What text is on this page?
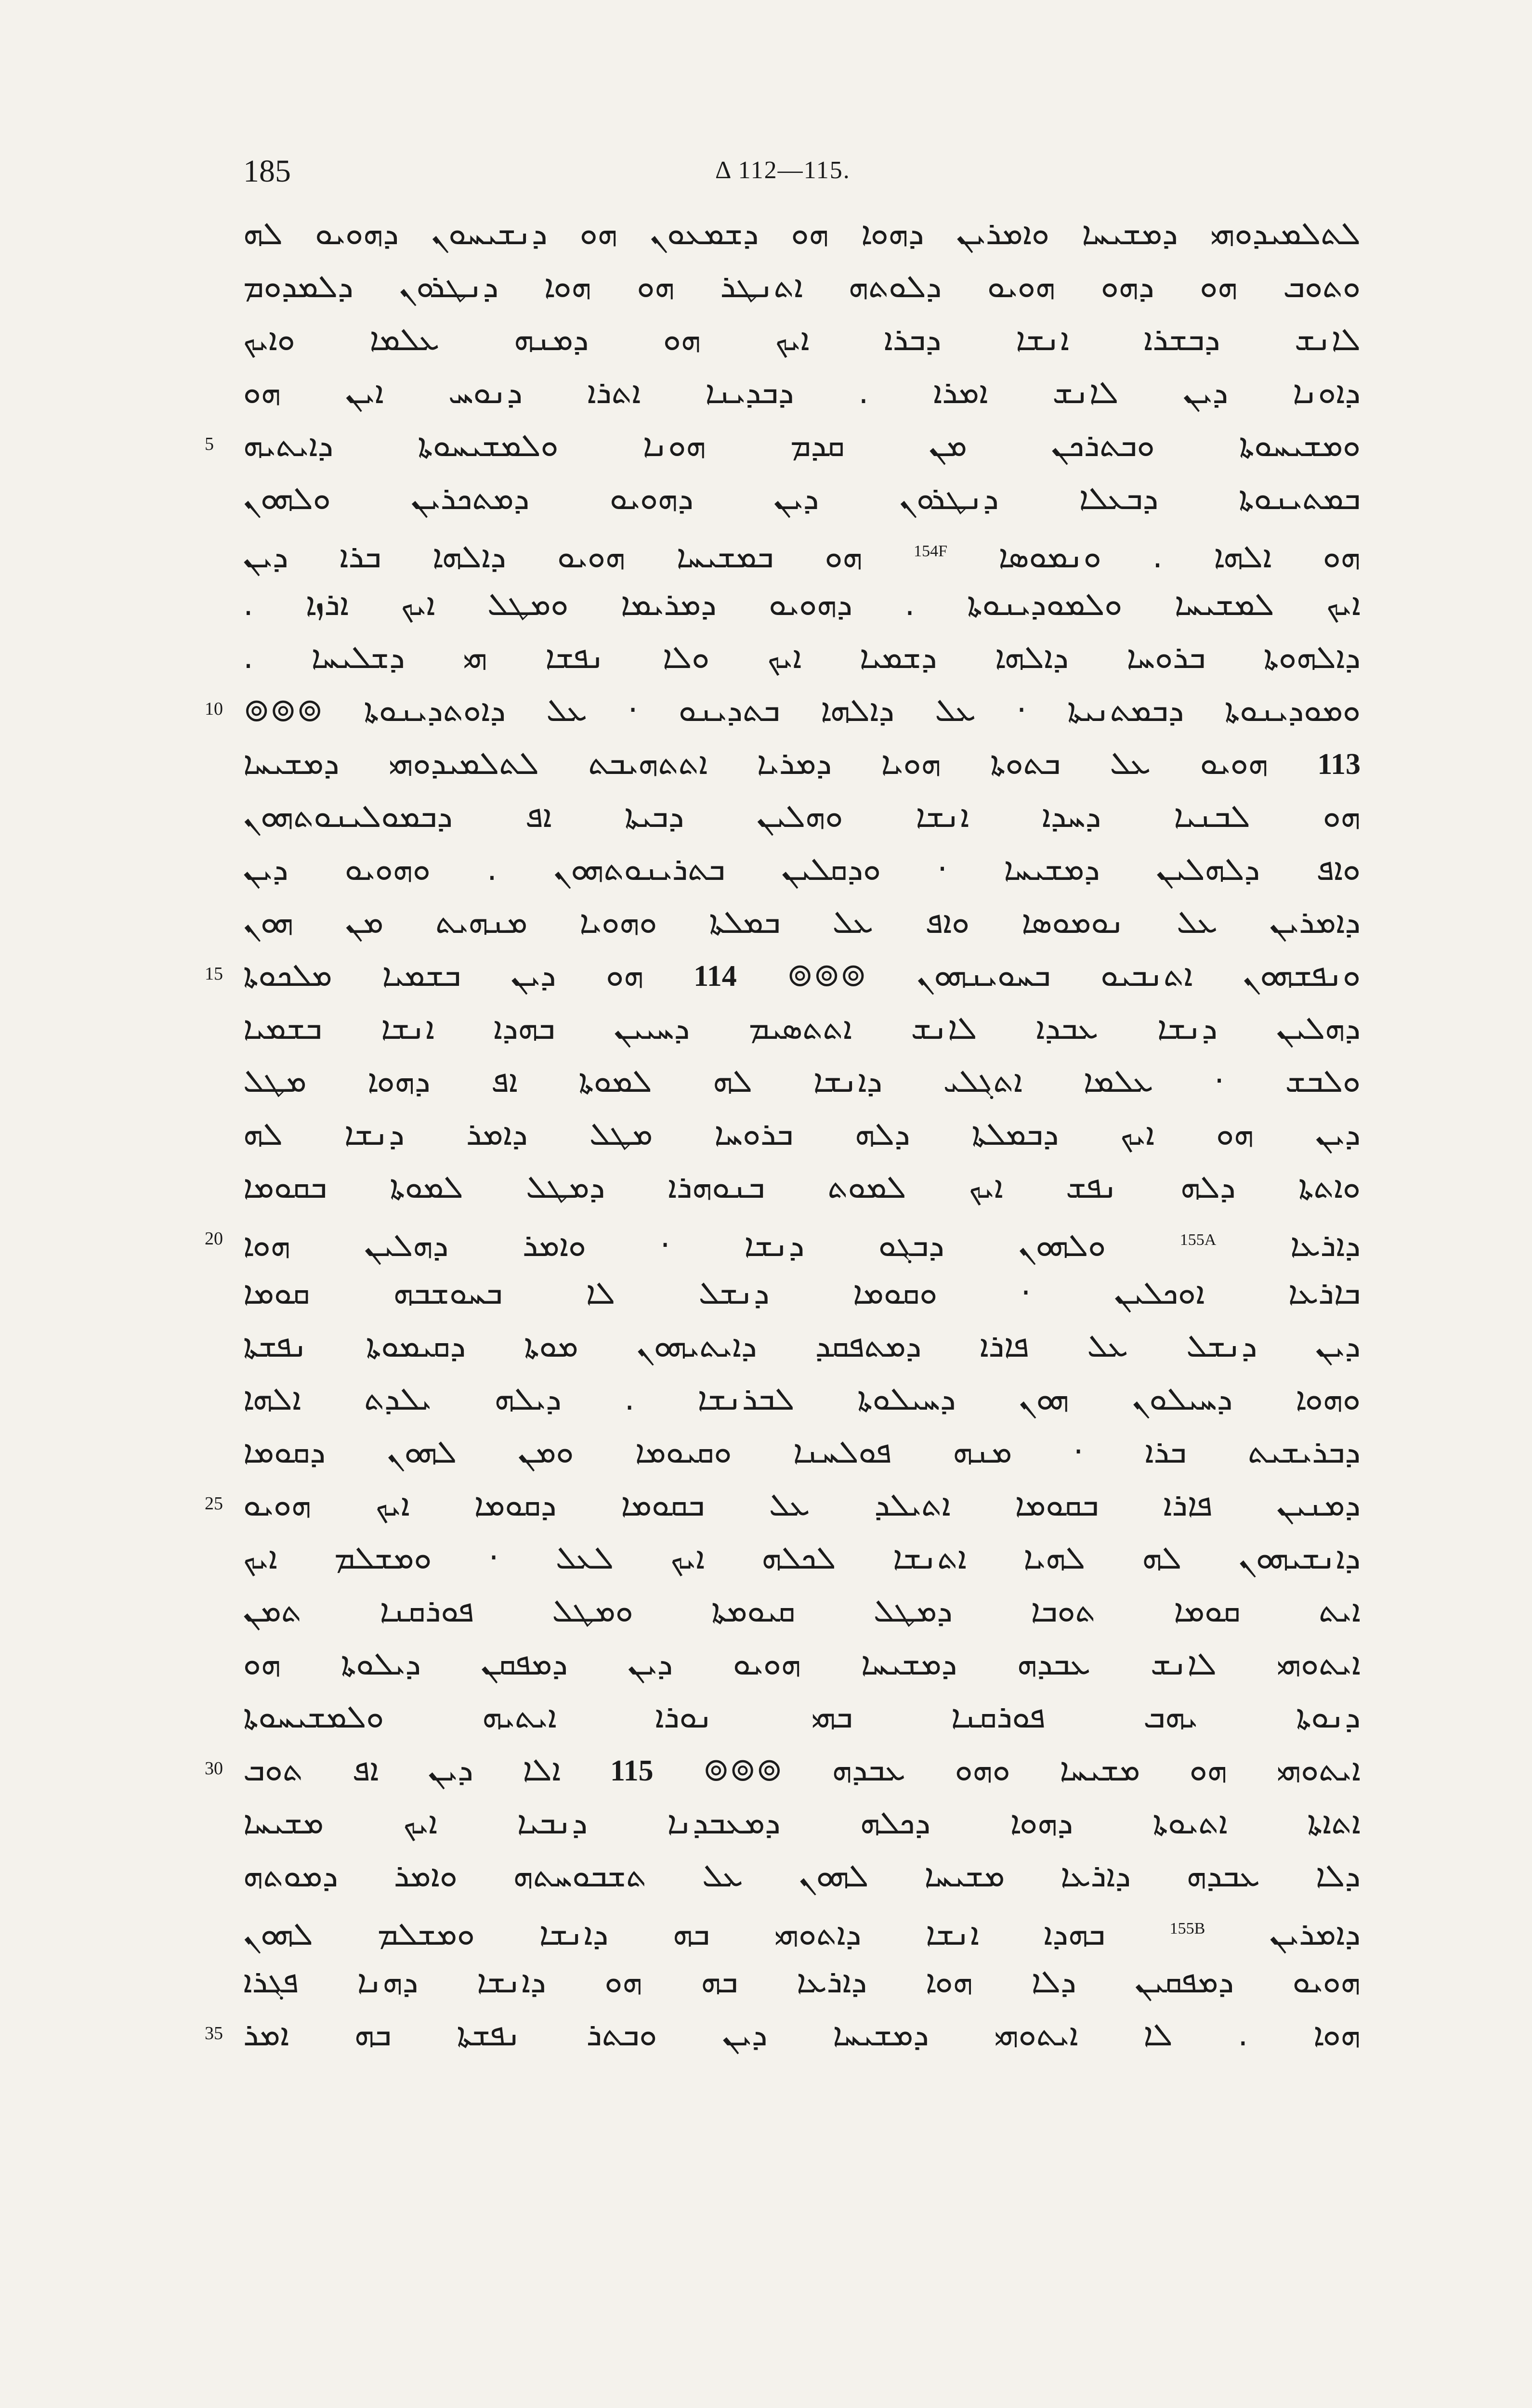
185	Δ 112—115.
ܠܬܠܡܝܕܘܗܝ ܕܡܫܝܚܐ ܘܐܡܪܝܢ ܕܗܘܐ ܗܘ ܕܫܡܥܘܢ ܗܘ ܕܢܫܝܚܘܢ ܕܗܘܝܘ ܠܗ
ܘܬܘܒ ܗܘ ܕܗܘ ܗܘܝܘ ܕܠܘܬܗ ܐܬܢܛܪ ܗܘ ܗܘܐ ܕܢܛܪܘܢ ܕܠܡܕܘܡ
ܠܐܢܫ ܕܒܫܪܐ ܐܢܫܐ ܕܒܪܐ ܐܝܟ ܗܘ ܕܡܢܗ ܥܠܡܐ ܘܐܝܟ
ܕܐܘܢܐ ܕܝܢ ܠܐܢܫ ܐܡܪܐ . ܕܒܕܝܢܐ ܐܬܪܐ ܕܢܘܚ ܐܝܢ ܗܘ
ܘܡܫܝܚܘܬܐ ܘܒܬܪܟܢ ܡܢ ܩܕܡ ܗܘܢܐ ܘܠܡܫܝܚܘܬܐ ܕܐܝܬܝܗ
5
ܒܡܬܝܢܘܬܐ ܕܒܥܠܐ ܕܢܛܪܘܢ ܕܝܢ ܕܗܘܝܘ ܕܡܬܟܪܝܢ ܘܠܗܘܢ
ܗܘ ܐܠܗܐ . ܘܢܡܘܣܐ $^{154F}$ ܗܘ ܒܡܫܝܚܐ ܗܘܝܘ ܕܐܠܗܐ ܒܪܐ ܕܝܢ
ܐܝܟ ܠܡܫܝܚܐ ܘܠܡܘܕܝܢܘܬܐ . ܕܗܘܝܘ ܕܡܪܝܡܐ ܘܡܛܠ ܐܝܟ ܐܪܙܐ .
ܕܐܠܗܘܬܐ ܒܪܘܚܐ ܕܐܠܗܐ ܕܫܡܝܐ ܐܝܟ ܘܠܐ ܢܦܫܐ ܗܝ ܕܫܠܝܚܐ .
ܘܡܘܕܝܢܘܬܐ ܕܒܡܬܢܝܬܐ · ܥܠ ܕܐܠܗܐ ܒܬܕܝܢܘ · ܥܠ ܕܐܘܬܕܝܢܘܬܐ ⊚⊚⊚
10
113 ܗܘܝܘ ܥܠ ܒܬܘܬܐ ܗܘܝܐ ܕܡܪܝܐ ܐܬܬܗܝܒܬ ܠܬܠܡܝܕܘܗܝ ܕܡܫܝܚܐ
ܗܘ ܠܒܢܝܐ ܕܚܕܐ ܐܢܫܐ ܘܗܠܝܢ ܕܒܝܬܐ ܐܦ ܕܒܡܘܠܝܢܘܬܗܘܢ
ܘܐܦ ܕܠܗܠܝܢ ܕܡܫܝܚܐ · ܘܕܩܠܝܢ ܒܬܪܝܢܘܬܗܘܢ . ܘܗܘܝܘ ܕܝܢ
ܕܐܡܪܝܢ ܥܠ ܢܘܡܘܣܐ ܘܐܦ ܥܠ ܒܡܠܬܐ ܘܗܘܝܐ ܡܢܗܝܬ ܡܢ ܗܘܢ
ܘܢܦܫܗܘܢ ܐܬܢܒܝܘ ܒܚܘܝܢܗܘܢ ⊚⊚⊚ 114 ܗܘ ܕܝܢ ܒܫܡܝܐ ܡܠܟܘܬܐ
15
ܕܗܠܝܢ ܕܢܫܐ ܥܒܕܐ ܠܐܢܫ ܐܬܬܣܝܡ ܕܚܝܝܢ ܒܗܕܐ ܐܢܫܐ ܒܫܡܝܐ
ܘܠܒܫ · ܥܠܡܐ ܐܬܓܠܝ ܕܐܢܫܐ ܠܗ ܠܡܘܬܐ ܐܦ ܕܗܘܐ ܡܛܠ
ܕܝܢ ܗܘ ܐܝܟ ܕܒܡܠܬܐ ܕܠܗ ܒܪܘܚܐ ܡܛܠ ܕܐܡܪ ܕܢܫܐ ܠܗ
ܘܐܬܬܐ ܕܠܗ ܢܦܫ ܐܝܟ ܠܡܘܬ ܒܢܘܗܪܐ ܕܡܛܠ ܠܡܘܬܐ ܒܩܘܡܐ
ܕܐܪܥܐ $^{155A}$ ܘܠܗܘܢ ܕܒܓܘ ܕܢܫܐ · ܘܐܡܪ ܕܗܠܝܢ ܗܘܐ
20
ܒܐܪܥܐ ܐܘܟܠܝܢ · ܘܩܘܡܐ ܕܢܫܠ ܠܐ ܒܚܘܫܒܗ ܩܘܡܐ
ܕܝܢ ܕܢܫܠ ܥܠ ܦܐܪܐ ܕܡܬܦܩܕ ܕܐܝܬܝܗܘܢ ܡܘܬܐ ܕܩܝܡܘܬܐ ܢܦܫܬܐ
ܘܗܘܐ ܕܚܝܠܘܢ ܗܘܢ ܕܚܝܠܘܬܐ ܠܒܪܢܫܐ . ܕܝܠܗ ܝܠܕܬ ܐܠܗܐ
ܕܒܪܝܫܝܬ ܒܪܐ · ܡܢܗ ܦܘܠܚܢܐ ܘܩܝܘܡܐ ܘܡܢ ܠܗܘܢ ܕܩܘܡܐ
ܕܡܢܝܢ ܦܐܪܐ ܒܩܘܡܐ ܐܬܝܠܕ ܥܠ ܒܩܘܡܐ ܕܩܘܡܐ ܐܝܟ ܗܘܝܘ
25
ܕܐܢܫܝܗܘܢ ܠܗ ܠܗܝܐ ܐܬܢܫܐ ܠܟܠܗ ܐܝܟ ܠܥܠ · ܘܡܫܠܡ ܐܝܟ
ܐܝܬ ܩܘܡܐ ܬܘܒܐ ܕܡܛܠ ܩܝܘܡܬܐ ܘܡܛܠ ܦܘܪܩܢܐ ܬܡܢ
ܐܝܬܘܗܝ ܠܐܢܫ ܥܒܕܗ ܕܡܫܝܚܐ ܗܘܝܘ ܕܝܢ ܕܡܦܩܢ ܕܝܠܘܬܐ ܗܘ
ܕܢܘܬܐ ܝܗܒ ܦܘܪܩܢܐ ܒܗܝ ܢܘܪܐ ܐܝܬܝܗ ܘܠܡܫܝܚܘܬܐ
ܐܝܬܘܗܝ ܗܘ ܡܫܝܚܐ ܘܗܘ ܥܒܕܗ ⊚⊚⊚ 115 ܐܠܐ ܕܝܢ ܐܦ ܬܘܒ
30
ܐܬܐܬܐ ܐܬܝܘܬܐ ܕܗܘܐ ܕܟܠܗ ܕܡܥܒܕܢܐ ܕܢܒܝܐ ܐܝܟ ܡܫܝܚܐ
ܕܠܐ ܥܒܕܗ ܕܐܪܥܐ ܡܫܝܚܐ ܠܗܘܢ ܥܠ ܬܫܒܘܚܬܗ ܘܐܡܪ ܕܡܘܬܗ
ܕܐܡܪܝܢ $^{155B}$ ܒܗܕܐ ܐܢܫܐ ܕܐܬܘܗܝ ܒܗ ܕܐܢܫܐ ܘܡܫܠܡ ܠܗܘܢ
ܗܘܝܘ ܕܡܦܩܝܢ ܕܠܐ ܗܘܐ ܕܐܪܥܐ ܒܗ ܗܘ ܕܐܢܫܐ ܕܗܢܐ ܦܓܪܐ
ܗܘܐ . ܠܐ ܐܝܬܘܗܝ ܕܡܫܝܚܐ ܕܝܢ ܘܒܬܪ ܢܦܫܬܐ ܒܗ ܐܡܪ
35
